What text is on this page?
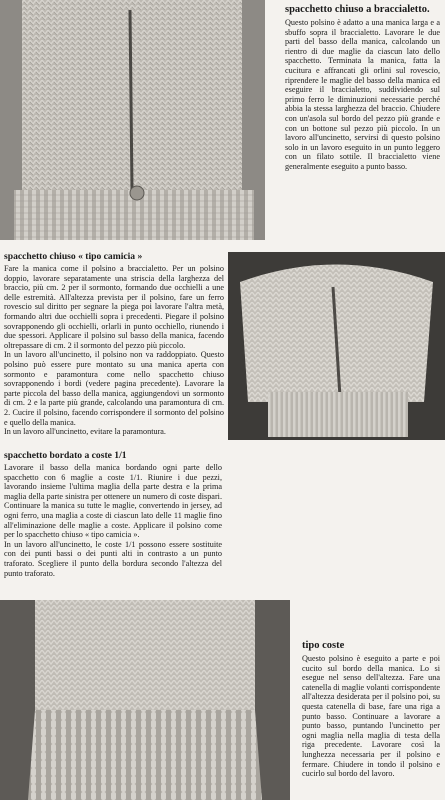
spacchetto chiuso a braccialetto.

Questo polsino è adatto a una manica larga e a sbuffo sopra il braccialetto. Lavorare le due parti del basso della manica, calcolando un rientro di due maglie da ciascun lato dello spacchetto. Terminata la manica, fatta la cucitura e affrancati gli orlini sul rovescio, riprendere le maglie del basso della manica ed eseguire il braccialetto, suddividendo sul primo ferro le diminuzioni necessarie perché abbia la stessa larghezza del braccio. Chiudere con un'asola sul bordo del pezzo più grande e con un bottone sul pezzo più piccolo. In un lavoro all'uncinetto, servirsi di questo polsino solo in un lavoro eseguito in un punto leggero con un filato sottile. Il braccialetto viene generalmente eseguito a punto basso.

spacchetto chiuso « tipo camicia »

Fare la manica come il polsino a braccialetto. Per un polsino doppio, lavorare separatamente una striscia della larghezza del braccio, più cm. 2 per il sormonto, formando due occhielli a une delle estremità. All'altezza prevista per il polsino, fare un ferro rovescio sul diritto per segnare la piega poi lavorare l'altra metà, formando altri due occhielli sopra i precedenti. Piegare il polsino sovrapponendo gli occhielli, orlarli in punto occhiello, riunendo i due spessori. Applicare il polsino sul basso della manica, facendo oltrepassare di cm. 2 il sormonto del pezzo più piccolo.

In un lavoro all'uncinetto, il polsino non va raddoppiato. Questo polsino può essere pure montato su una manica aperta con sormonto e paramontura come nello spacchetto chiuso sovrapponendo i bordi (vedere pagina precedente). Lavorare la parte piccola del basso della manica, aggiungendovi un sormonto di cm. 2 e la parte più grande, calcolando una paramontura di cm. 2. Cucire il polsino, facendo corrispondere il sormonto del polsino e quello della manica.

In un lavoro all'uncinetto, evitare la paramontura.

spacchetto bordato a coste 1/1

Lavorare il basso della manica bordando ogni parte dello spacchetto con 6 maglie a coste 1/1. Riunire i due pezzi, lavorando insieme l'ultima maglia della parte destra e la prima maglia della parte sinistra per ottenere un numero di coste dispari. Continuare la manica su tutte le maglie, convertendo in jersey, ad ogni ferro, una maglia a coste di ciascun lato delle 11 maglie fino all'eliminazione delle maglie a coste. Applicare il polsino come per lo spacchetto chiuso « tipo camicia ».

In un lavoro all'uncinetto, le coste 1/1 possono essere sostituite con dei punti bassi o dei punti alti in contrasto a un punto traforato. Scegliere il punto della bordura secondo l'altezza del punto traforato.

tipo coste

Questo polsino è eseguito a parte e poi cucito sul bordo della manica. Lo si esegue nel senso dell'altezza. Fare una catenella di maglie volanti corrispondente all'altezza desiderata per il polsino poi, su questa catenella di base, fare una riga a punto basso. Continuare a lavorare a punto basso, puntando l'uncinetto per ogni maglia nella maglia di testa della riga precedente. Lavorare così la lunghezza necessaria per il polsino e fermare. Chiudere in tondo il polsino e cucirlo sul bordo del lavoro.
